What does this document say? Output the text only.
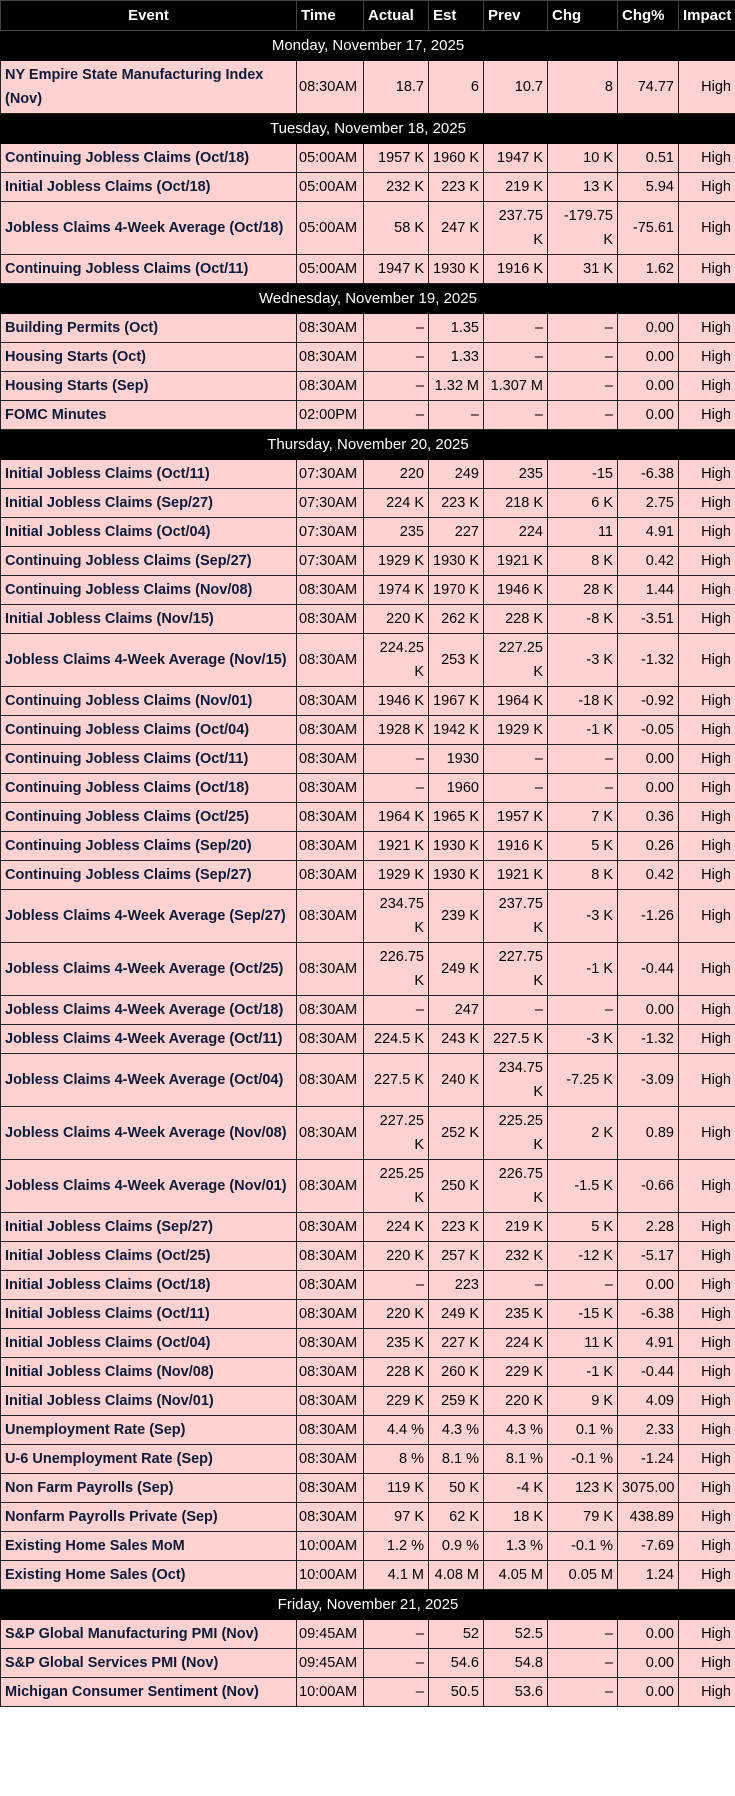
Event	Time	Actual	Est	Prev	Chg	Chg%	Impact
Monday, November 17, 2025							
NY Empire State Manufacturing Index (Nov)	08:30AM	18.7	6	10.7	8	74.77	High
Tuesday, November 18, 2025							
Continuing Jobless Claims (Oct/18)	05:00AM	1957 K	1960 K	1947 K	10 K	0.51	High
Initial Jobless Claims (Oct/18)	05:00AM	232 K	223 K	219 K	13 K	5.94	High
Jobless Claims 4-Week Average (Oct/18)	05:00AM	58 K	247 K	237.75 K	-179.75 K	-75.61	High
Continuing Jobless Claims (Oct/11)	05:00AM	1947 K	1930 K	1916 K	31 K	1.62	High
Wednesday, November 19, 2025							
Building Permits (Oct)	08:30AM	–	1.35	–	–	0.00	High
Housing Starts (Oct)	08:30AM	–	1.33	–	–	0.00	High
Housing Starts (Sep)	08:30AM	–	1.32 M	1.307 M	–	0.00	High
FOMC Minutes	02:00PM	–	–	–	–	0.00	High
Thursday, November 20, 2025							
Initial Jobless Claims (Oct/11)	07:30AM	220	249	235	-15	-6.38	High
Initial Jobless Claims (Sep/27)	07:30AM	224 K	223 K	218 K	6 K	2.75	High
Initial Jobless Claims (Oct/04)	07:30AM	235	227	224	11	4.91	High
Continuing Jobless Claims (Sep/27)	07:30AM	1929 K	1930 K	1921 K	8 K	0.42	High
Continuing Jobless Claims (Nov/08)	08:30AM	1974 K	1970 K	1946 K	28 K	1.44	High
Initial Jobless Claims (Nov/15)	08:30AM	220 K	262 K	228 K	-8 K	-3.51	High
Jobless Claims 4-Week Average (Nov/15)	08:30AM	224.25 K	253 K	227.25 K	-3 K	-1.32	High
Continuing Jobless Claims (Nov/01)	08:30AM	1946 K	1967 K	1964 K	-18 K	-0.92	High
Continuing Jobless Claims (Oct/04)	08:30AM	1928 K	1942 K	1929 K	-1 K	-0.05	High
Continuing Jobless Claims (Oct/11)	08:30AM	–	1930	–	–	0.00	High
Continuing Jobless Claims (Oct/18)	08:30AM	–	1960	–	–	0.00	High
Continuing Jobless Claims (Oct/25)	08:30AM	1964 K	1965 K	1957 K	7 K	0.36	High
Continuing Jobless Claims (Sep/20)	08:30AM	1921 K	1930 K	1916 K	5 K	0.26	High
Continuing Jobless Claims (Sep/27)	08:30AM	1929 K	1930 K	1921 K	8 K	0.42	High
Jobless Claims 4-Week Average (Sep/27)	08:30AM	234.75 K	239 K	237.75 K	-3 K	-1.26	High
Jobless Claims 4-Week Average (Oct/25)	08:30AM	226.75 K	249 K	227.75 K	-1 K	-0.44	High
Jobless Claims 4-Week Average (Oct/18)	08:30AM	–	247	–	–	0.00	High
Jobless Claims 4-Week Average (Oct/11)	08:30AM	224.5 K	243 K	227.5 K	-3 K	-1.32	High
Jobless Claims 4-Week Average (Oct/04)	08:30AM	227.5 K	240 K	234.75 K	-7.25 K	-3.09	High
Jobless Claims 4-Week Average (Nov/08)	08:30AM	227.25 K	252 K	225.25 K	2 K	0.89	High
Jobless Claims 4-Week Average (Nov/01)	08:30AM	225.25 K	250 K	226.75 K	-1.5 K	-0.66	High
Initial Jobless Claims (Sep/27)	08:30AM	224 K	223 K	219 K	5 K	2.28	High
Initial Jobless Claims (Oct/25)	08:30AM	220 K	257 K	232 K	-12 K	-5.17	High
Initial Jobless Claims (Oct/18)	08:30AM	–	223	–	–	0.00	High
Initial Jobless Claims (Oct/11)	08:30AM	220 K	249 K	235 K	-15 K	-6.38	High
Initial Jobless Claims (Oct/04)	08:30AM	235 K	227 K	224 K	11 K	4.91	High
Initial Jobless Claims (Nov/08)	08:30AM	228 K	260 K	229 K	-1 K	-0.44	High
Initial Jobless Claims (Nov/01)	08:30AM	229 K	259 K	220 K	9 K	4.09	High
Unemployment Rate (Sep)	08:30AM	4.4 %	4.3 %	4.3 %	0.1 %	2.33	High
U-6 Unemployment Rate (Sep)	08:30AM	8 %	8.1 %	8.1 %	-0.1 %	-1.24	High
Non Farm Payrolls (Sep)	08:30AM	119 K	50 K	-4 K	123 K	3075.00	High
Nonfarm Payrolls Private (Sep)	08:30AM	97 K	62 K	18 K	79 K	438.89	High
Existing Home Sales MoM	10:00AM	1.2 %	0.9 %	1.3 %	-0.1 %	-7.69	High
Existing Home Sales (Oct)	10:00AM	4.1 M	4.08 M	4.05 M	0.05 M	1.24	High
Friday, November 21, 2025							
S&P Global Manufacturing PMI (Nov)	09:45AM	–	52	52.5	–	0.00	High
S&P Global Services PMI (Nov)	09:45AM	–	54.6	54.8	–	0.00	High
Michigan Consumer Sentiment (Nov)	10:00AM	–	50.5	53.6	–	0.00	High
